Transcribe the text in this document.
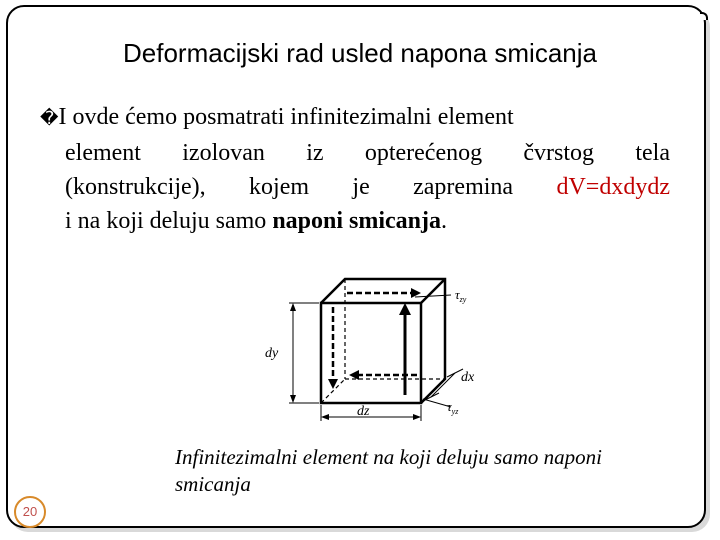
Deformacijski rad usled napona smicanja
�I ovde ćemo posmatrati infinitezimalni element
element izolovan iz opterećenog čvrstog tela
(konstrukcije), kojem je zapremina dV=dxdydz
i na koji deluju samo naponi smicanja.
$\tau_{zy}$
dy
dx
dz	$\tau_{yz}$
Infinitezimalni element na koji deluju samo naponi smicanja
20
